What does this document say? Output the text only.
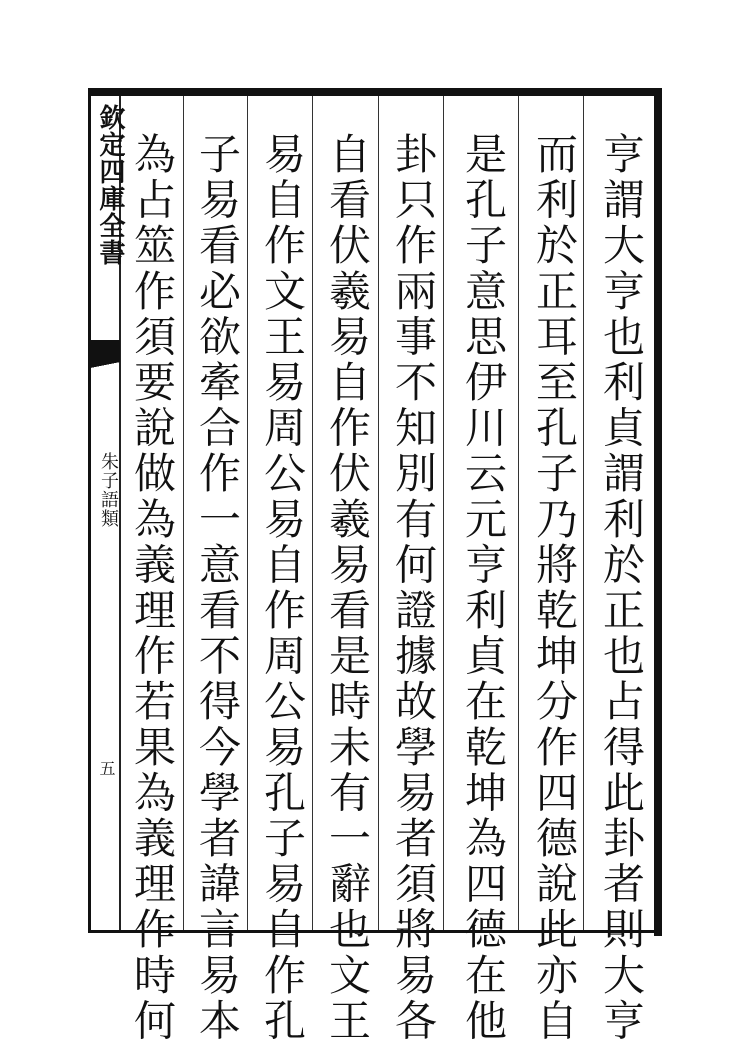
欽定四庫全書
朱子語類
五	亨謂大亨也利貞謂利於正也占得此卦者則大亨
而利於正耳至孔子乃將乾坤分作四德說此亦自
是孔子意思伊川云元亨利貞在乾坤為四德在他
卦只作兩事不知別有何證據故學易者須將易各
自看伏羲易自作伏羲易看是時未有一辭也文王
易自作文王易周公易自作周公易孔子易自作孔
子易看必欲牽合作一意看不得今學者諱言易本
為占筮作須要說做為義理作若果為義理作時何
